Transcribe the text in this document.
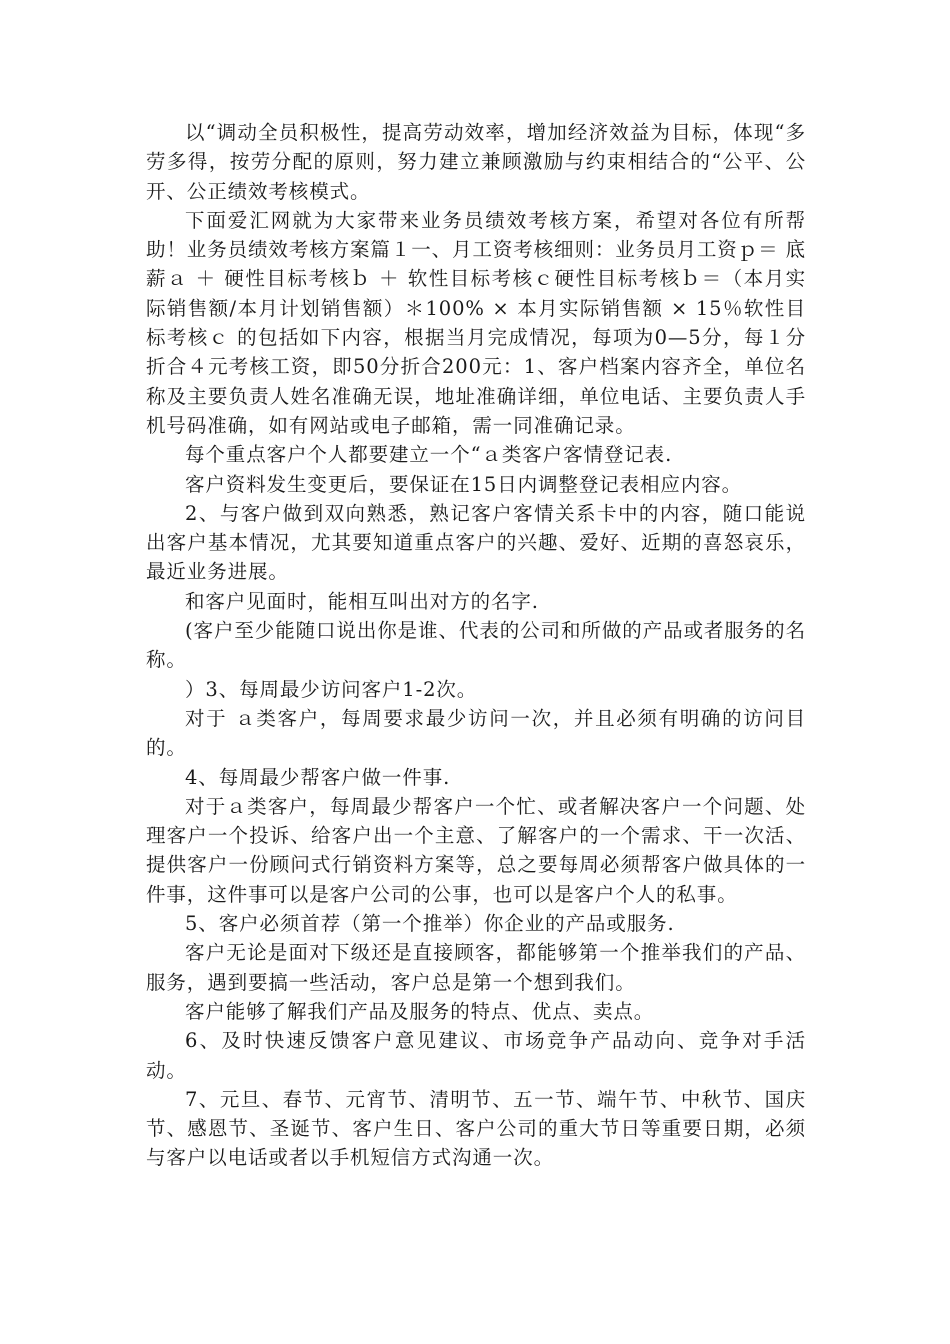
以“调动全员积极性，提高劳动效率，增加经济效益为目标，体现“多劳多得，按劳分配的原则，努力建立兼顾激励与约束相结合的“公平、公开、公正绩效考核模式。

下面爱汇网就为大家带来业务员绩效考核方案，希望对各位有所帮助！业务员绩效考核方案篇１一、月工资考核细则：业务员月工资ｐ＝ 底薪ａ ＋ 硬性目标考核ｂ ＋ 软性目标考核ｃ硬性目标考核ｂ＝（本月实际销售额/本月计划销售额）＊100% × 本月实际销售额 × 15％软性目标考核ｃ 的包括如下内容，根据当月完成情况，每项为0—5分，每１分折合４元考核工资，即50分折合200元：1、客户档案内容齐全，单位名称及主要负责人姓名准确无误，地址准确详细，单位电话、主要负责人手机号码准确，如有网站或电子邮箱，需一同准确记录。

每个重点客户个人都要建立一个“ａ类客户客情登记表.

客户资料发生变更后，要保证在15日内调整登记表相应内容。

2、与客户做到双向熟悉，熟记客户客情关系卡中的内容，随口能说出客户基本情况，尤其要知道重点客户的兴趣、爱好、近期的喜怒哀乐，最近业务进展。

和客户见面时，能相互叫出对方的名字.

(客户至少能随口说出你是谁、代表的公司和所做的产品或者服务的名称。

）3、每周最少访问客户1-2次。

对于 ａ类客户，每周要求最少访问一次，并且必须有明确的访问目的。

4、每周最少帮客户做一件事.

对于ａ类客户，每周最少帮客户一个忙、或者解决客户一个问题、处理客户一个投诉、给客户出一个主意、了解客户的一个需求、干一次活、提供客户一份顾问式行销资料方案等，总之要每周必须帮客户做具体的一件事，这件事可以是客户公司的公事，也可以是客户个人的私事。

5、客户必须首荐（第一个推举）你企业的产品或服务.

客户无论是面对下级还是直接顾客，都能够第一个推举我们的产品、服务，遇到要搞一些活动，客户总是第一个想到我们。

客户能够了解我们产品及服务的特点、优点、卖点。

6、及时快速反馈客户意见建议、市场竞争产品动向、竞争对手活动。

7、元旦、春节、元宵节、清明节、五一节、端午节、中秋节、国庆节、感恩节、圣诞节、客户生日、客户公司的重大节日等重要日期，必须与客户以电话或者以手机短信方式沟通一次。
